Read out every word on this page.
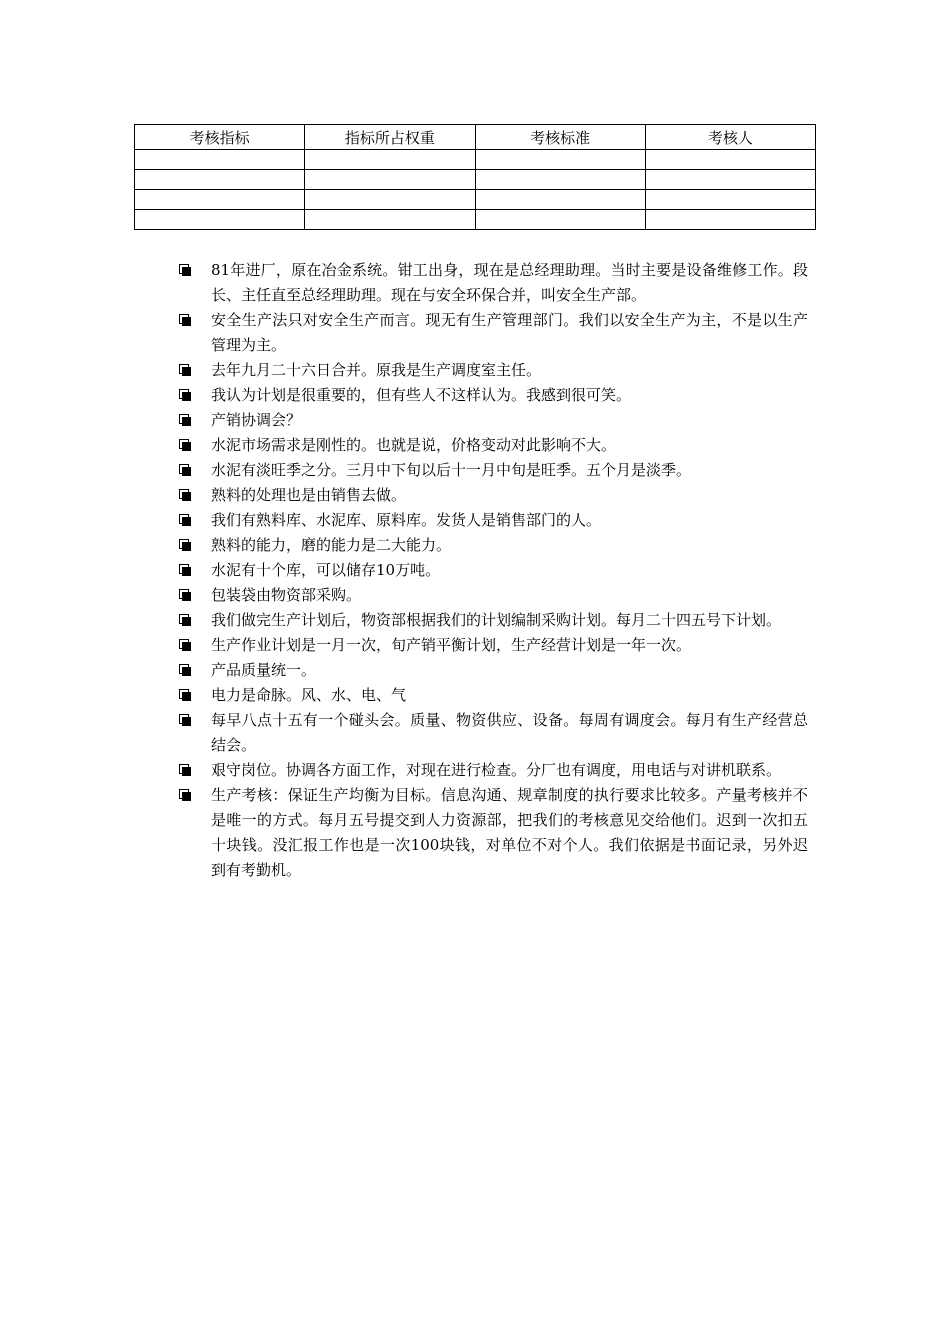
考核指标	指标所占权重	考核标准	考核人

81年进厂，原在冶金系统。钳工出身，现在是总经理助理。当时主要是设备维修工作。段长、主任直至总经理助理。现在与安全环保合并，叫安全生产部。
安全生产法只对安全生产而言。现无有生产管理部门。我们以安全生产为主，不是以生产管理为主。
去年九月二十六日合并。原我是生产调度室主任。
我认为计划是很重要的，但有些人不这样认为。我感到很可笑。
产销协调会？
水泥市场需求是刚性的。也就是说，价格变动对此影响不大。
水泥有淡旺季之分。三月中下旬以后十一月中旬是旺季。五个月是淡季。
熟料的处理也是由销售去做。
我们有熟料库、水泥库、原料库。发货人是销售部门的人。
熟料的能力，磨的能力是二大能力。
水泥有十个库，可以储存10万吨。
包装袋由物资部采购。
我们做完生产计划后，物资部根据我们的计划编制采购计划。每月二十四五号下计划。
生产作业计划是一月一次，旬产销平衡计划，生产经营计划是一年一次。
产品质量统一。
电力是命脉。风、水、电、气
每早八点十五有一个碰头会。质量、物资供应、设备。每周有调度会。每月有生产经营总结会。
艰守岗位。协调各方面工作，对现在进行检查。分厂也有调度，用电话与对讲机联系。
生产考核：保证生产均衡为目标。信息沟通、规章制度的执行要求比较多。产量考核并不是唯一的方式。每月五号提交到人力资源部，把我们的考核意见交给他们。迟到一次扣五十块钱。没汇报工作也是一次100块钱，对单位不对个人。我们依据是书面记录，另外迟到有考勤机。
